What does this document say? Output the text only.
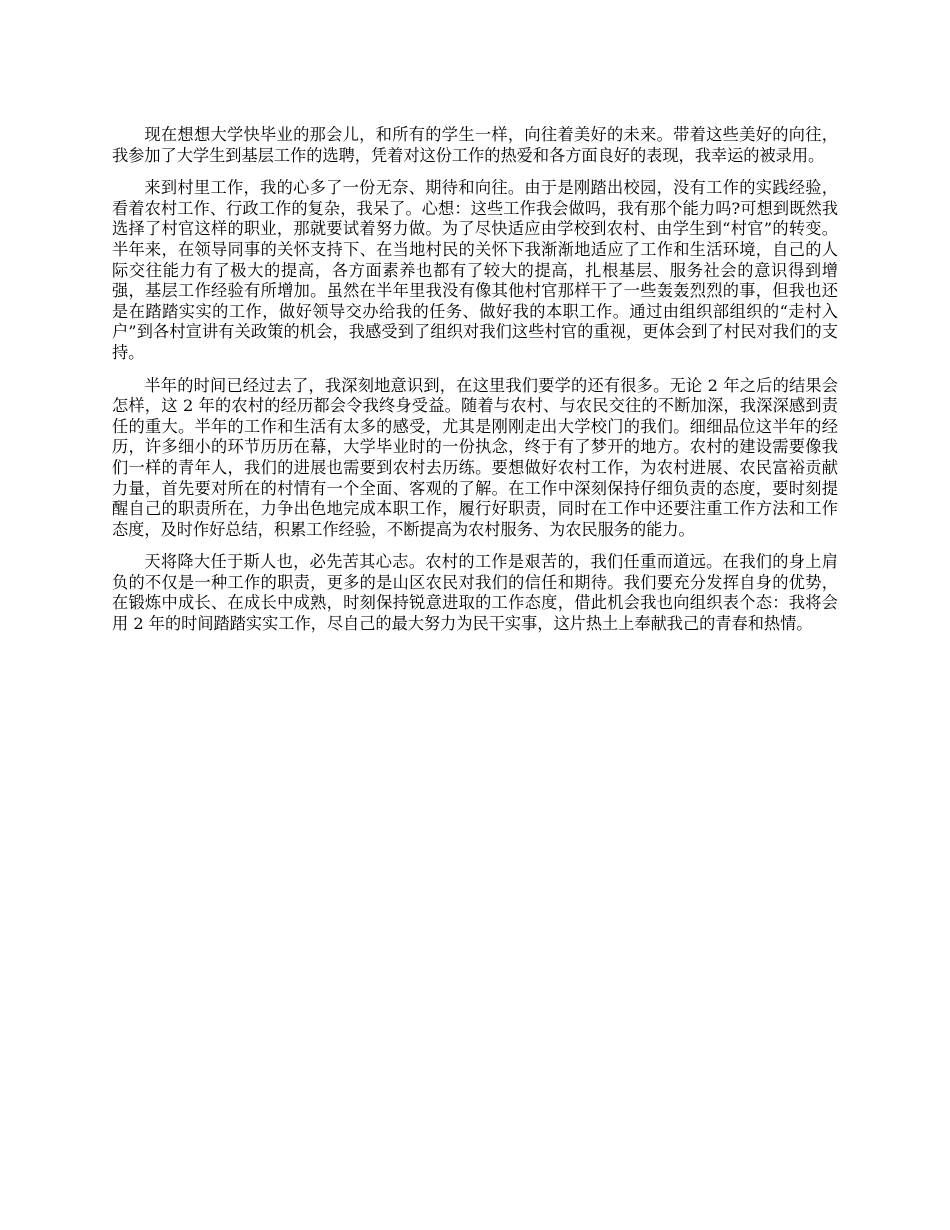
现在想想大学快毕业的那会儿，和所有的学生一样，向往着美好的未来。带着这些美好的向往，我参加了大学生到基层工作的选聘，凭着对这份工作的热爱和各方面良好的表现，我幸运的被录用。

来到村里工作，我的心多了一份无奈、期待和向往。由于是刚踏出校园，没有工作的实践经验，看着农村工作、行政工作的复杂，我呆了。心想：这些工作我会做吗，我有那个能力吗?可想到既然我选择了村官这样的职业，那就要试着努力做。为了尽快适应由学校到农村、由学生到“村官”的转变。半年来，在领导同事的关怀支持下、在当地村民的关怀下我渐渐地适应了工作和生活环境，自己的人际交往能力有了极大的提高，各方面素养也都有了较大的提高，扎根基层、服务社会的意识得到增强，基层工作经验有所增加。虽然在半年里我没有像其他村官那样干了一些轰轰烈烈的事，但我也还是在踏踏实实的工作，做好领导交办给我的任务、做好我的本职工作。通过由组织部组织的“走村入户”到各村宣讲有关政策的机会，我感受到了组织对我们这些村官的重视，更体会到了村民对我们的支持。

半年的时间已经过去了，我深刻地意识到，在这里我们要学的还有很多。无论 2 年之后的结果会怎样，这 2 年的农村的经历都会令我终身受益。随着与农村、与农民交往的不断加深，我深深感到责任的重大。半年的工作和生活有太多的感受，尤其是刚刚走出大学校门的我们。细细品位这半年的经历，许多细小的环节历历在幕，大学毕业时的一份执念，终于有了梦开的地方。农村的建设需要像我们一样的青年人，我们的进展也需要到农村去历练。要想做好农村工作，为农村进展、农民富裕贡献力量，首先要对所在的村情有一个全面、客观的了解。在工作中深刻保持仔细负责的态度，要时刻提醒自己的职责所在，力争出色地完成本职工作，履行好职责，同时在工作中还要注重工作方法和工作态度，及时作好总结，积累工作经验，不断提高为农村服务、为农民服务的能力。

天将降大任于斯人也，必先苦其心志。农村的工作是艰苦的，我们任重而道远。在我们的身上肩负的不仅是一种工作的职责，更多的是山区农民对我们的信任和期待。我们要充分发挥自身的优势，在锻炼中成长、在成长中成熟，时刻保持锐意进取的工作态度，借此机会我也向组织表个态：我将会用 2 年的时间踏踏实实工作，尽自己的最大努力为民干实事，这片热土上奉献我己的青春和热情。
